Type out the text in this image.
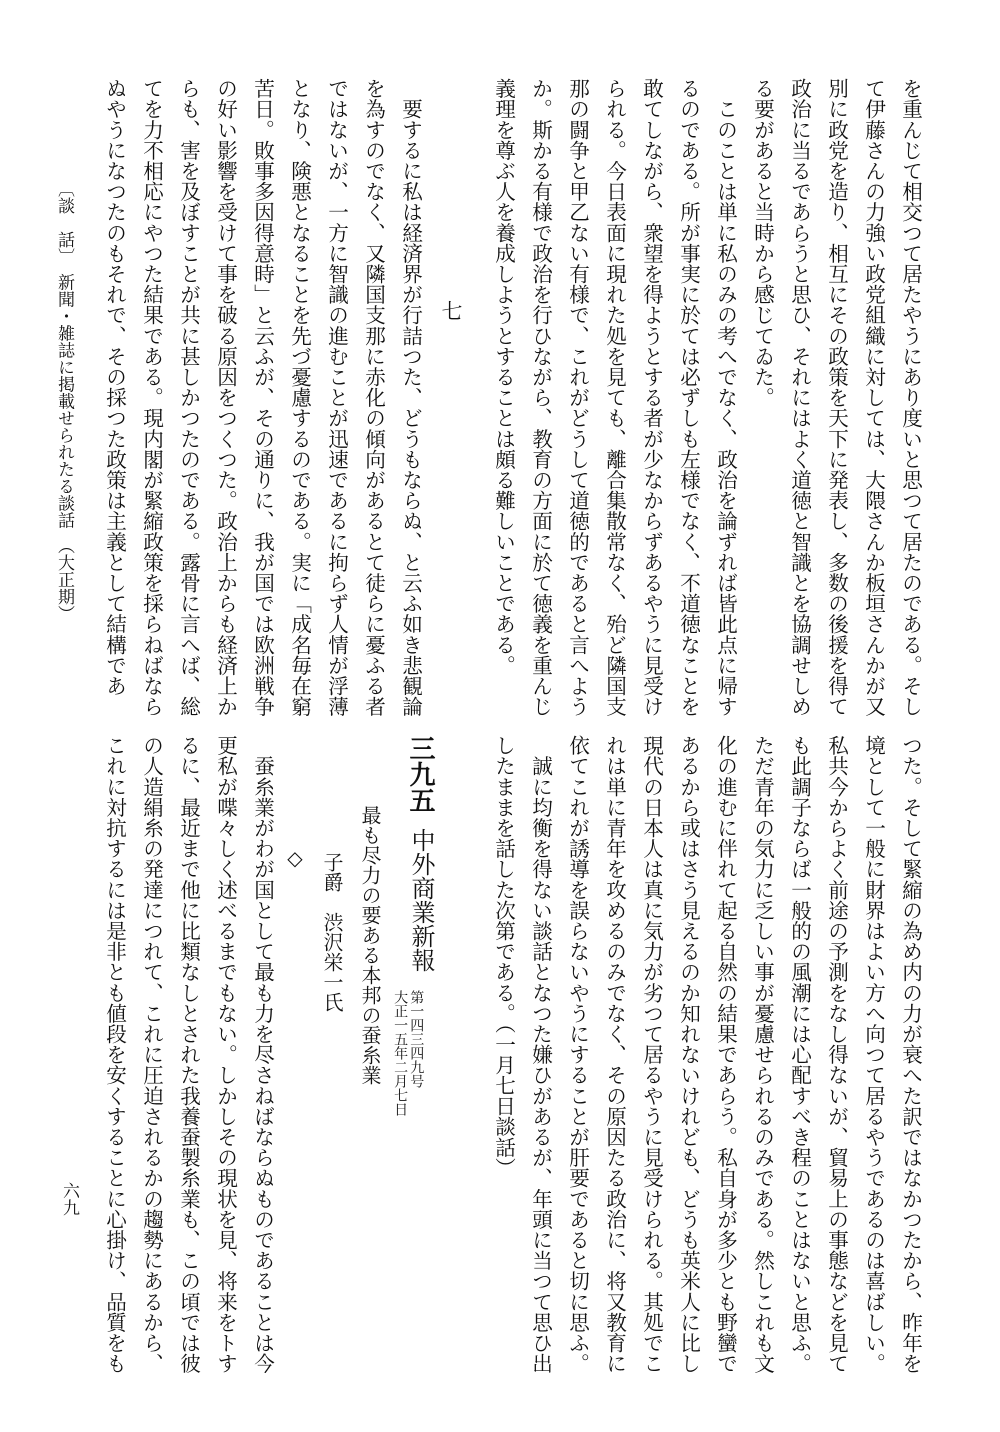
を重んじて相交つて居たやうにあり度いと思つて居たのである。そし
て伊藤さんの力強い政党組織に対しては、大隈さんか板垣さんかが又
別に政党を造り、相互にその政策を天下に発表し、多数の後援を得て
政治に当るであらうと思ひ、それにはよく道徳と智識とを協調せしめ
る要があると当時から感じてゐた。
　このことは単に私のみの考へでなく、政治を論ずれば皆此点に帰す
るのである。所が事実に於ては必ずしも左様でなく、不道徳なことを
敢てしながら、衆望を得ようとする者が少なからずあるやうに見受け
られる。今日表面に現れた処を見ても、離合集散常なく、殆ど隣国支
那の闘争と甲乙ない有様で、これがどうして道徳的であると言へよう
か。斯かる有様で政治を行ひながら、教育の方面に於て徳義を重んじ
義理を尊ぶ人を養成しようとすることは頗る難しいことである。
七
　要するに私は経済界が行詰つた、どうもならぬ、と云ふ如き悲観論
を為すのでなく、又隣国支那に赤化の傾向があるとて徒らに憂ふる者
ではないが、一方に智識の進むことが迅速であるに拘らず人情が浮薄
となり、険悪となることを先づ憂慮するのである。実に「成名毎在窮
苦日。敗事多因得意時」と云ふが、その通りに、我が国では欧洲戦争
の好い影響を受けて事を破る原因をつくつた。政治上からも経済上か
らも、害を及ぼすことが共に甚しかつたのである。露骨に言へば、総
てを力不相応にやつた結果である。現内閣が緊縮政策を採らねばなら
ぬやうになつたのもそれで、その採つた政策は主義として結構であ
〔談　話〕　新聞・雑誌に掲載せられたる談話　（大正期）
つた。そして緊縮の為め内の力が衰へた訳ではなかつたから、昨年を
境として一般に財界はよい方へ向つて居るやうであるのは喜ばしい。
私共今からよく前途の予測をなし得ないが、貿易上の事態などを見て
も此調子ならば一般的の風潮には心配すべき程のことはないと思ふ。
ただ青年の気力に乏しい事が憂慮せられるのみである。然しこれも文
化の進むに伴れて起る自然の結果であらう。私自身が多少とも野蠻で
あるから或はさう見えるのか知れないけれども、どうも英米人に比し
現代の日本人は真に気力が劣つて居るやうに見受けられる。其処でこ
れは単に青年を攻めるのみでなく、その原因たる政治に、将又教育に
依てこれが誘導を誤らないやうにすることが肝要であると切に思ふ。
　誠に均衡を得ない談話となつた嫌ひがあるが、年頭に当つて思ひ出
したままを話した次第である。（一月七日談話）
三九五
中外商業新報
第一四三四九号
大正一五年二月七日
最も尽力の要ある本邦の蚕糸業
子爵　渋沢栄一氏
◇
　蚕糸業がわが国として最も力を尽さねばならぬものであることは今
更私が喋々しく述べるまでもない。しかしその現状を見、将来をトす
るに、最近まで他に比類なしとされた我養蚕製糸業も、この頃では彼
の人造絹糸の発達につれて、これに圧迫されるかの趨勢にあるから、
これに対抗するには是非とも値段を安くすることに心掛け、品質をも
六九
